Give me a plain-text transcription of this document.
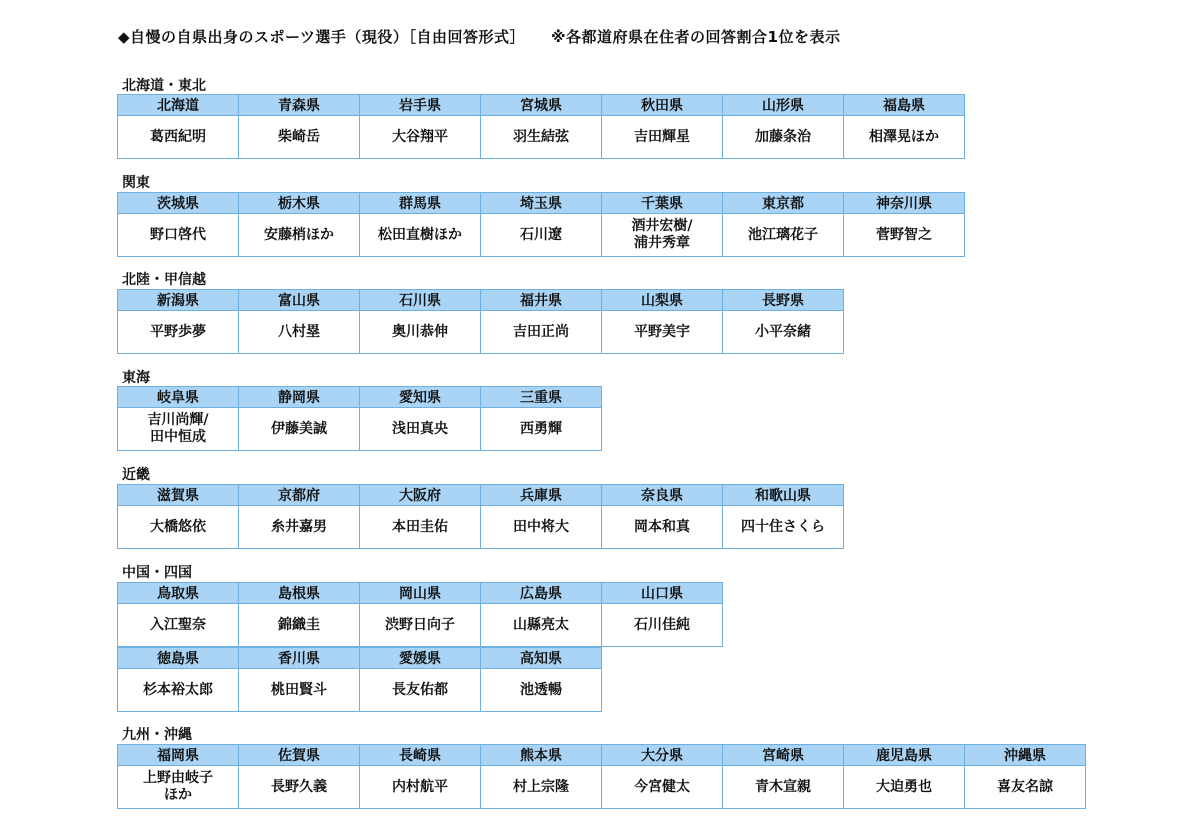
◆自慢の自県出身のスポーツ選手（現役）［自由回答形式］ ※各都道府県在住者の回答割合1位を表示
北海道・東北
北海道
葛西紀明
青森県
柴崎岳
岩手県
大谷翔平
宮城県
羽生結弦
秋田県
吉田輝星
山形県
加藤条治
福島県
相澤晃ほか
関東
茨城県
野口啓代
栃木県
安藤梢ほか
群馬県
松田直樹ほか
埼玉県
石川遼
千葉県
酒井宏樹/
浦井秀章
東京都
池江璃花子
神奈川県
菅野智之
北陸・甲信越
新潟県
平野歩夢
富山県
八村塁
石川県
奥川恭伸
福井県
吉田正尚
山梨県
平野美宇
長野県
小平奈緒
東海
岐阜県
吉川尚輝/
田中恒成
静岡県
伊藤美誠
愛知県
浅田真央
三重県
西勇輝
近畿
滋賀県
大橋悠依
京都府
糸井嘉男
大阪府
本田圭佑
兵庫県
田中将大
奈良県
岡本和真
和歌山県
四十住さくら
中国・四国
鳥取県
入江聖奈
島根県
錦織圭
岡山県
渋野日向子
広島県
山縣亮太
山口県
石川佳純
徳島県
杉本裕太郎
香川県
桃田賢斗
愛媛県
長友佑都
高知県
池透暢
九州・沖縄
福岡県
上野由岐子
ほか
佐賀県
長野久義
長崎県
内村航平
熊本県
村上宗隆
大分県
今宮健太
宮崎県
青木宣親
鹿児島県
大迫勇也
沖縄県
喜友名諒
